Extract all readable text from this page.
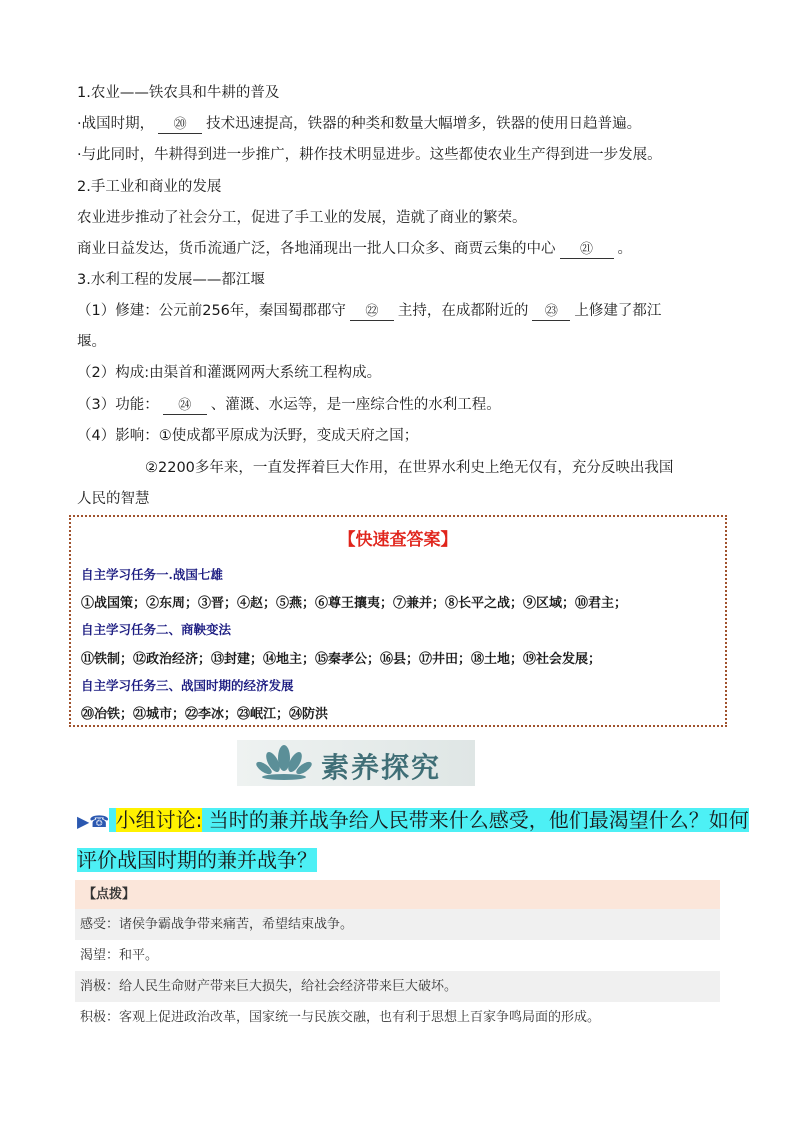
1.农业——铁农具和牛耕的普及
·战国时期， ⑳ 技术迅速提高，铁器的种类和数量大幅增多，铁器的使用日趋普遍。
·与此同时，牛耕得到进一步推广，耕作技术明显进步。这些都使农业生产得到进一步发展。
2.手工业和商业的发展
农业进步推动了社会分工，促进了手工业的发展，造就了商业的繁荣。
商业日益发达，货币流通广泛，各地涌现出一批人口众多、商贾云集的中心 ㉑ 。
3.水利工程的发展——都江堰
（1）修建：公元前256年，秦国蜀郡郡守 ㉒ 主持，在成都附近的 ㉓ 上修建了都江
堰。
（2）构成:由渠首和灌溉网两大系统工程构成。
（3）功能： ㉔ 、灌溉、水运等，是一座综合性的水利工程。
（4）影响：①使成都平原成为沃野，变成天府之国；
②2200多年来，一直发挥着巨大作用，在世界水利史上绝无仅有，充分反映出我国
人民的智慧
【快速查答案】
自主学习任务一.战国七雄
①战国策；②东周；③晋；④赵；⑤燕；⑥尊王攘夷；⑦兼并；⑧长平之战；⑨区域；⑩君主；
自主学习任务二、商鞅变法
⑪铁制；⑫政治经济；⑬封建；⑭地主；⑮秦孝公；⑯县；⑰井田；⑱土地；⑲社会发展；
自主学习任务三、战国时期的经济发展
⑳冶铁；㉑城市；㉒李冰；㉓岷江；㉔防洪
素养探究
▶☎ 小组讨论: 当时的兼并战争给人民带来什么感受，他们最渴望什么？如何
评价战国时期的兼并战争？
【点拨】
感受：诸侯争霸战争带来痛苦，希望结束战争。
渴望：和平。
消极：给人民生命财产带来巨大损失，给社会经济带来巨大破坏。
积极：客观上促进政治改革，国家统一与民族交融，也有利于思想上百家争鸣局面的形成。
